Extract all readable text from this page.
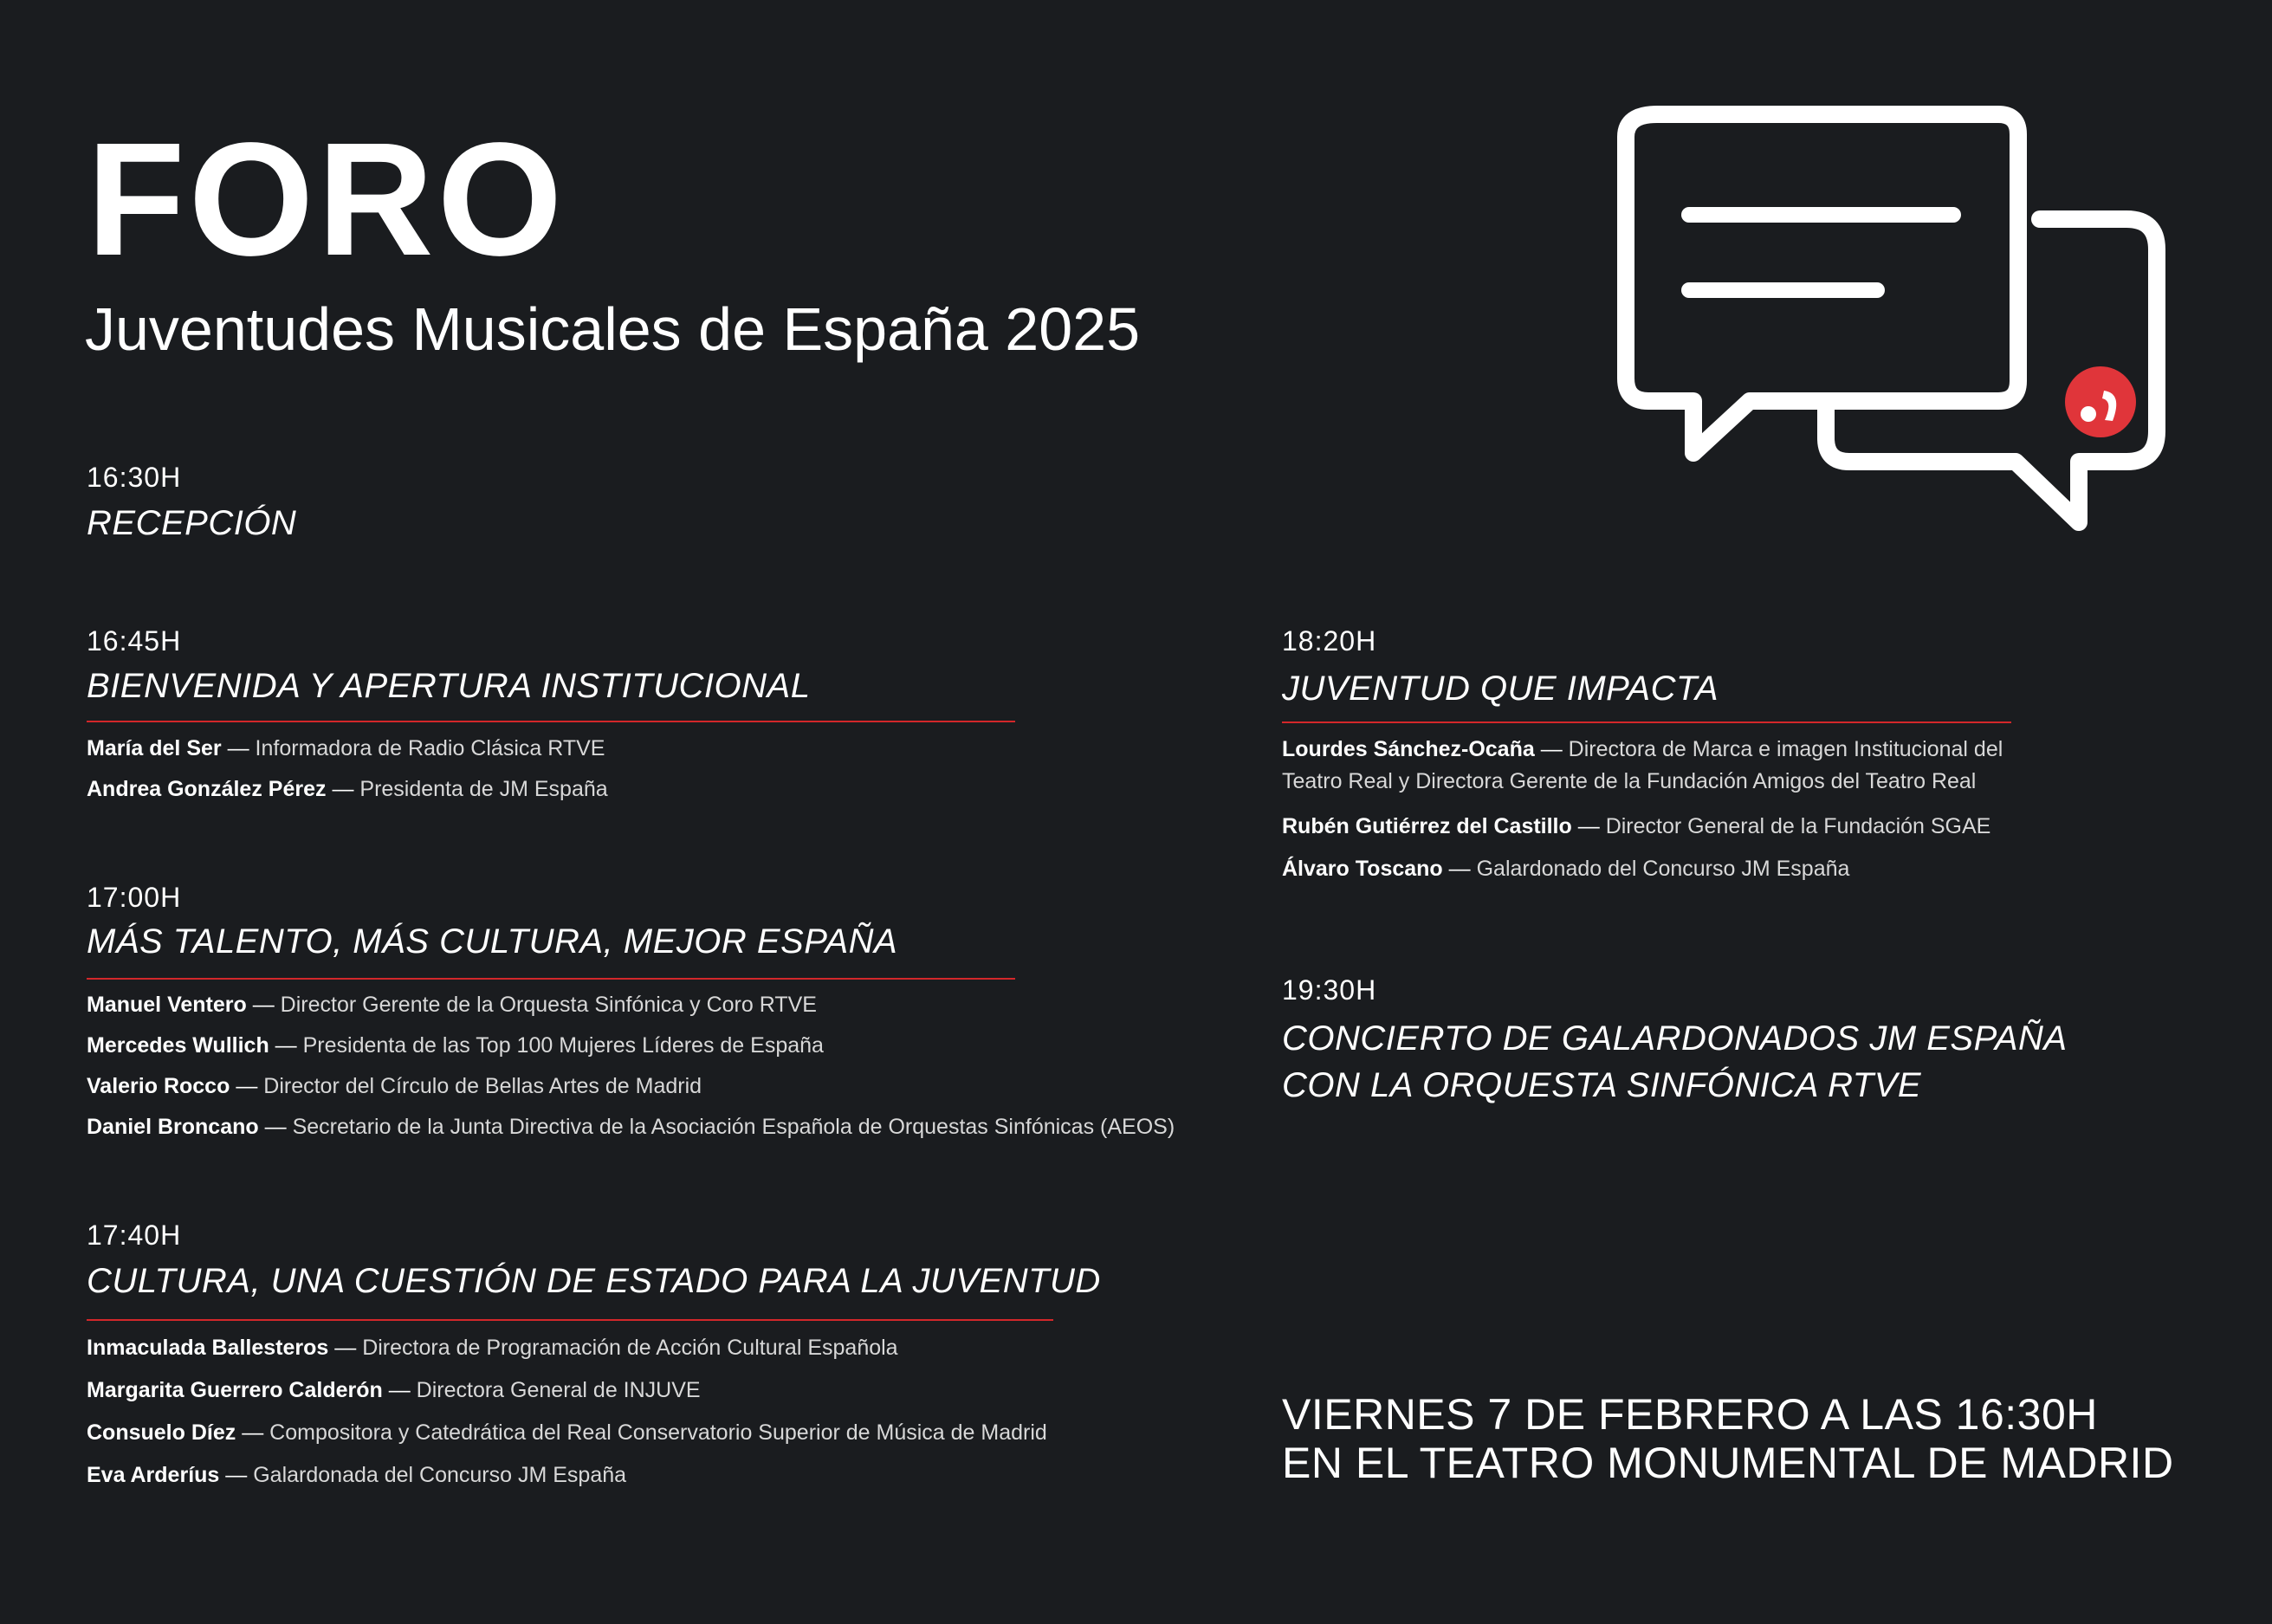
FORO
Juventudes Musicales de España 2025
16:30H
RECEPCIÓN
16:45H
BIENVENIDA Y APERTURA INSTITUCIONAL
María del Ser — Informadora de Radio Clásica RTVE
Andrea González Pérez — Presidenta de JM España
17:00H
MÁS TALENTO, MÁS CULTURA, MEJOR ESPAÑA
Manuel Ventero — Director Gerente de la Orquesta Sinfónica y Coro RTVE
Mercedes Wullich — Presidenta de las Top 100 Mujeres Líderes de España
Valerio Rocco — Director del Círculo de Bellas Artes de Madrid
Daniel Broncano — Secretario de la Junta Directiva de la Asociación Española de Orquestas Sinfónicas (AEOS)
17:40H
CULTURA, UNA CUESTIÓN DE ESTADO PARA LA JUVENTUD
Inmaculada Ballesteros — Directora de Programación de Acción Cultural Española
Margarita Guerrero Calderón — Directora General de INJUVE
Consuelo Díez — Compositora y Catedrática del Real Conservatorio Superior de Música de Madrid
Eva Arderíus — Galardonada del Concurso JM España
18:20H
JUVENTUD QUE IMPACTA
Lourdes Sánchez-Ocaña — Directora de Marca e imagen Institucional del
Teatro Real y Directora Gerente de la Fundación Amigos del Teatro Real
Rubén Gutiérrez del Castillo — Director General de la Fundación SGAE
Álvaro Toscano — Galardonado del Concurso JM España
19:30H
CONCIERTO DE GALARDONADOS JM ESPAÑA
CON LA ORQUESTA SINFÓNICA RTVE
VIERNES 7 DE FEBRERO A LAS 16:30H
EN EL TEATRO MONUMENTAL DE MADRID
